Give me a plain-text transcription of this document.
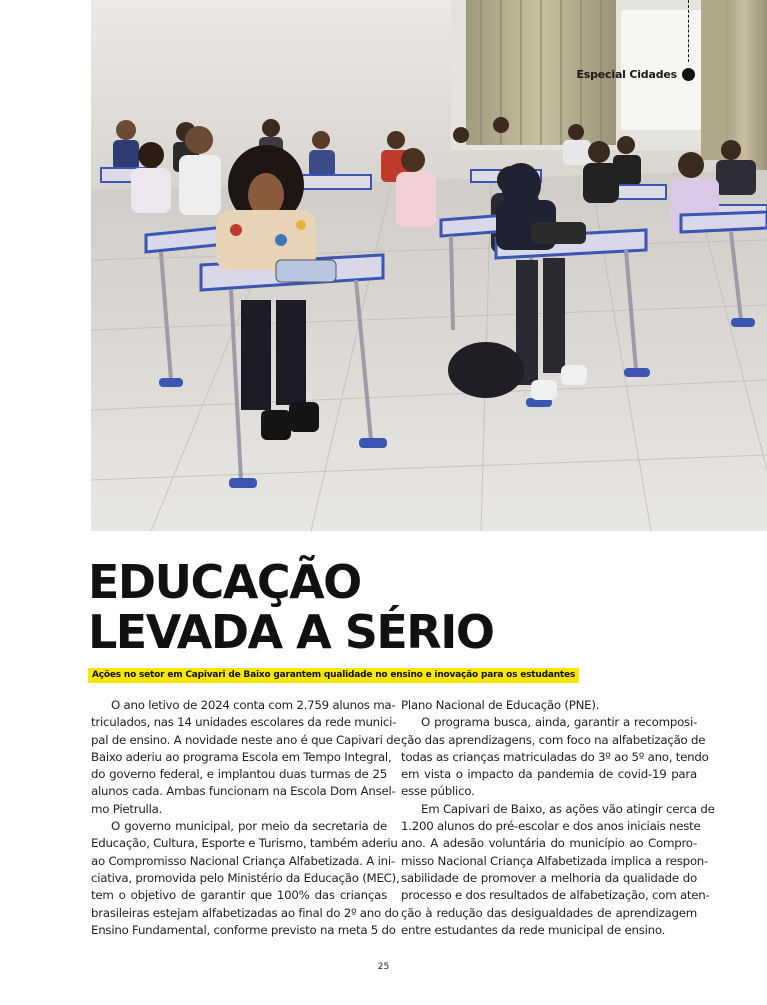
Especial Cidades
EDUCAÇÃO
LEVADA A SÉRIO
Ações no setor em Capivari de Baixo garantem qualidade no ensino e inovação para os estudantes
O ano letivo de 2024 conta com 2.759 alunos ma-
triculados, nas 14 unidades escolares da rede munici-
pal de ensino. A novidade neste ano é que Capivari de
Baixo aderiu ao programa Escola em Tempo Integral,
do governo federal, e implantou duas turmas de 25
alunos cada. Ambas funcionam na Escola Dom Ansel-
mo Pietrulla.
O governo municipal, por meio da secretaria de
Educação, Cultura, Esporte e Turismo, também aderiu
ao Compromisso Nacional Criança Alfabetizada. A ini-
ciativa, promovida pelo Ministério da Educação (MEC),
tem o objetivo de garantir que 100% das crianças
brasileiras estejam alfabetizadas ao final do 2º ano do
Ensino Fundamental, conforme previsto na meta 5 do
Plano Nacional de Educação (PNE).
O programa busca, ainda, garantir a recomposi-
ção das aprendizagens, com foco na alfabetização de
todas as crianças matriculadas do 3º ao 5º ano, tendo
em vista o impacto da pandemia de covid-19 para
esse público.
Em Capivari de Baixo, as ações vão atingir cerca de
1.200 alunos do pré-escolar e dos anos iniciais neste
ano. A adesão voluntária do município ao Compro-
misso Nacional Criança Alfabetizada implica a respon-
sabilidade de promover a melhoria da qualidade do
processo e dos resultados de alfabetização, com aten-
ção à redução das desigualdades de aprendizagem
entre estudantes da rede municipal de ensino.
25
